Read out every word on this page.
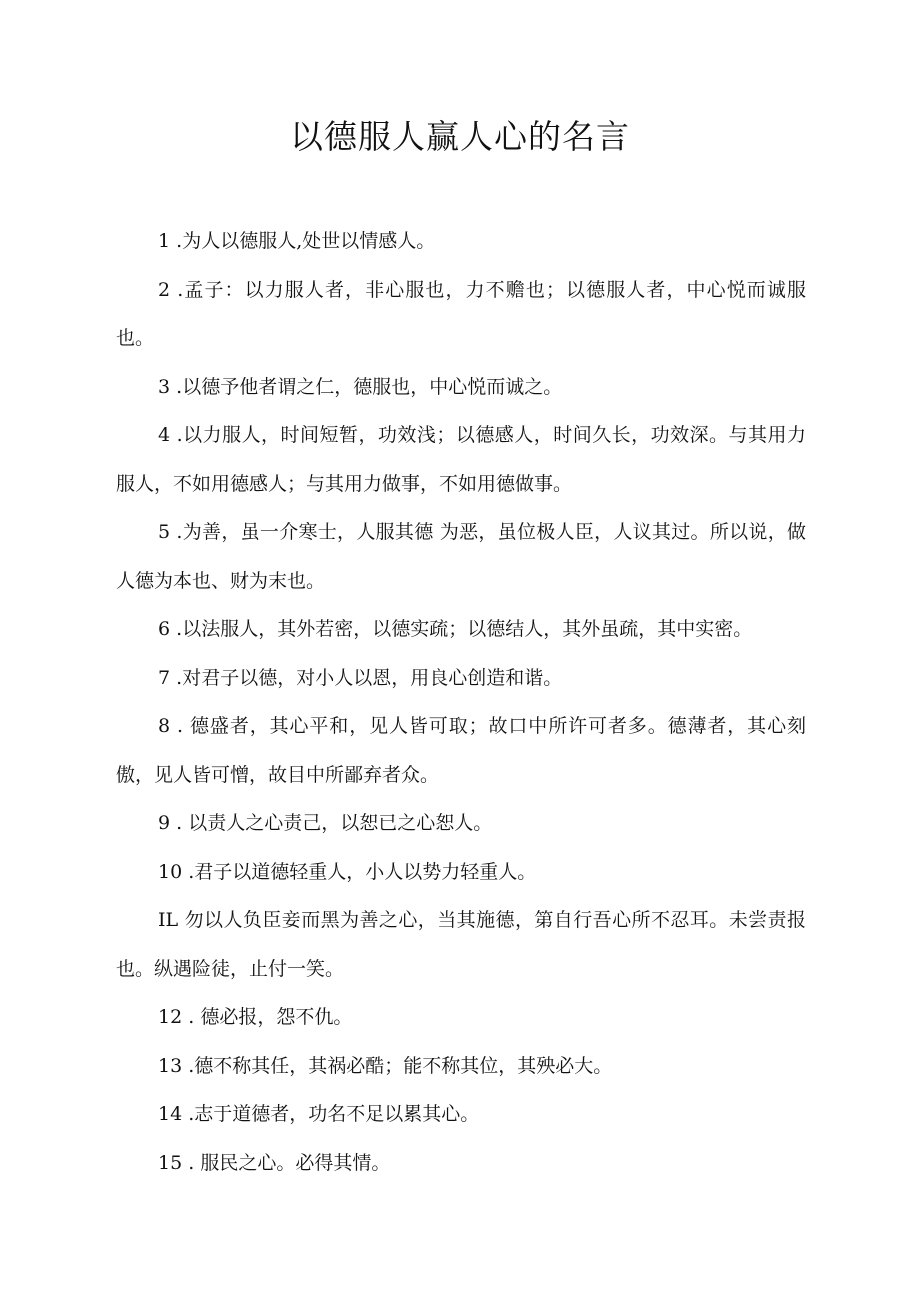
以德服人赢人心的名言
1 .为人以德服人,处世以情感人。
2 .孟子：以力服人者，非心服也，力不赡也；以德服人者，中心悦而诚服也。
3 .以德予他者谓之仁，德服也，中心悦而诚之。
4 .以力服人，时间短暂，功效浅；以德感人，时间久长，功效深。与其用力服人，不如用德感人；与其用力做事，不如用德做事。
5 .为善，虽一介寒士，人服其德 为恶，虽位极人臣，人议其过。所以说，做人德为本也、财为末也。
6 .以法服人，其外若密，以德实疏；以德结人，其外虽疏，其中实密。
7 .对君子以德，对小人以恩，用良心创造和谐。
8 . 德盛者，其心平和，见人皆可取；故口中所许可者多。德薄者，其心刻傲，见人皆可憎，故目中所鄙弃者众。
9 . 以责人之心责己，以恕已之心恕人。
10 .君子以道德轻重人，小人以势力轻重人。
IL 勿以人负臣妾而黑为善之心，当其施德，第自行吾心所不忍耳。未尝责报也。纵遇险徒，止付一笑。
12 . 德必报，怨不仇。
13 .德不称其任，其祸必酷；能不称其位，其殃必大。
14 .志于道德者，功名不足以累其心。
15 . 服民之心。必得其情。
